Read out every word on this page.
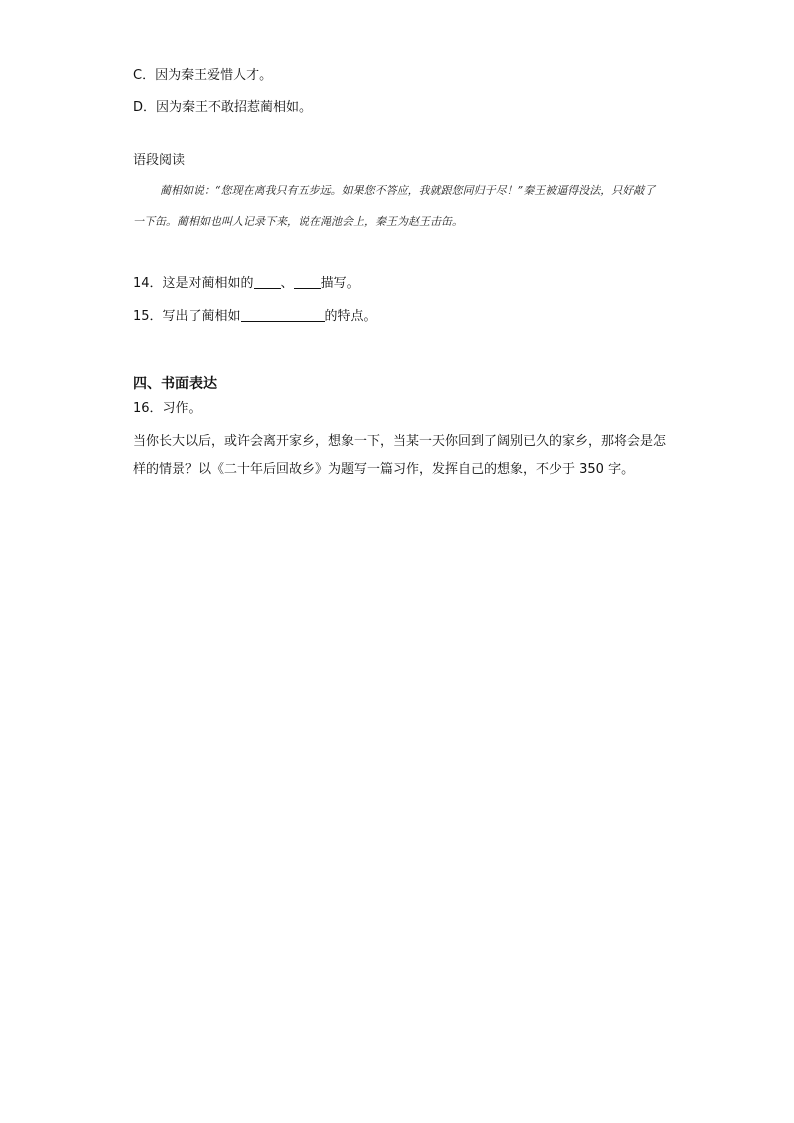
C．因为秦王爱惜人才。
D．因为秦王不敢招惹蔺相如。
语段阅读
蔺相如说：“您现在离我只有五步远。如果您不答应，我就跟您同归于尽！”秦王被逼得没法，只好敲了一下缶。蔺相如也叫人记录下来，说在渑池会上，秦王为赵王击缶。
14．这是对蔺相如的 、 描写。
15．写出了蔺相如	的特点。
四、书面表达
16．习作。
当你长大以后，或许会离开家乡，想象一下，当某一天你回到了阔别已久的家乡，那将会是怎样的情景？以《二十年后回故乡》为题写一篇习作，发挥自己的想象，不少于 350 字。
